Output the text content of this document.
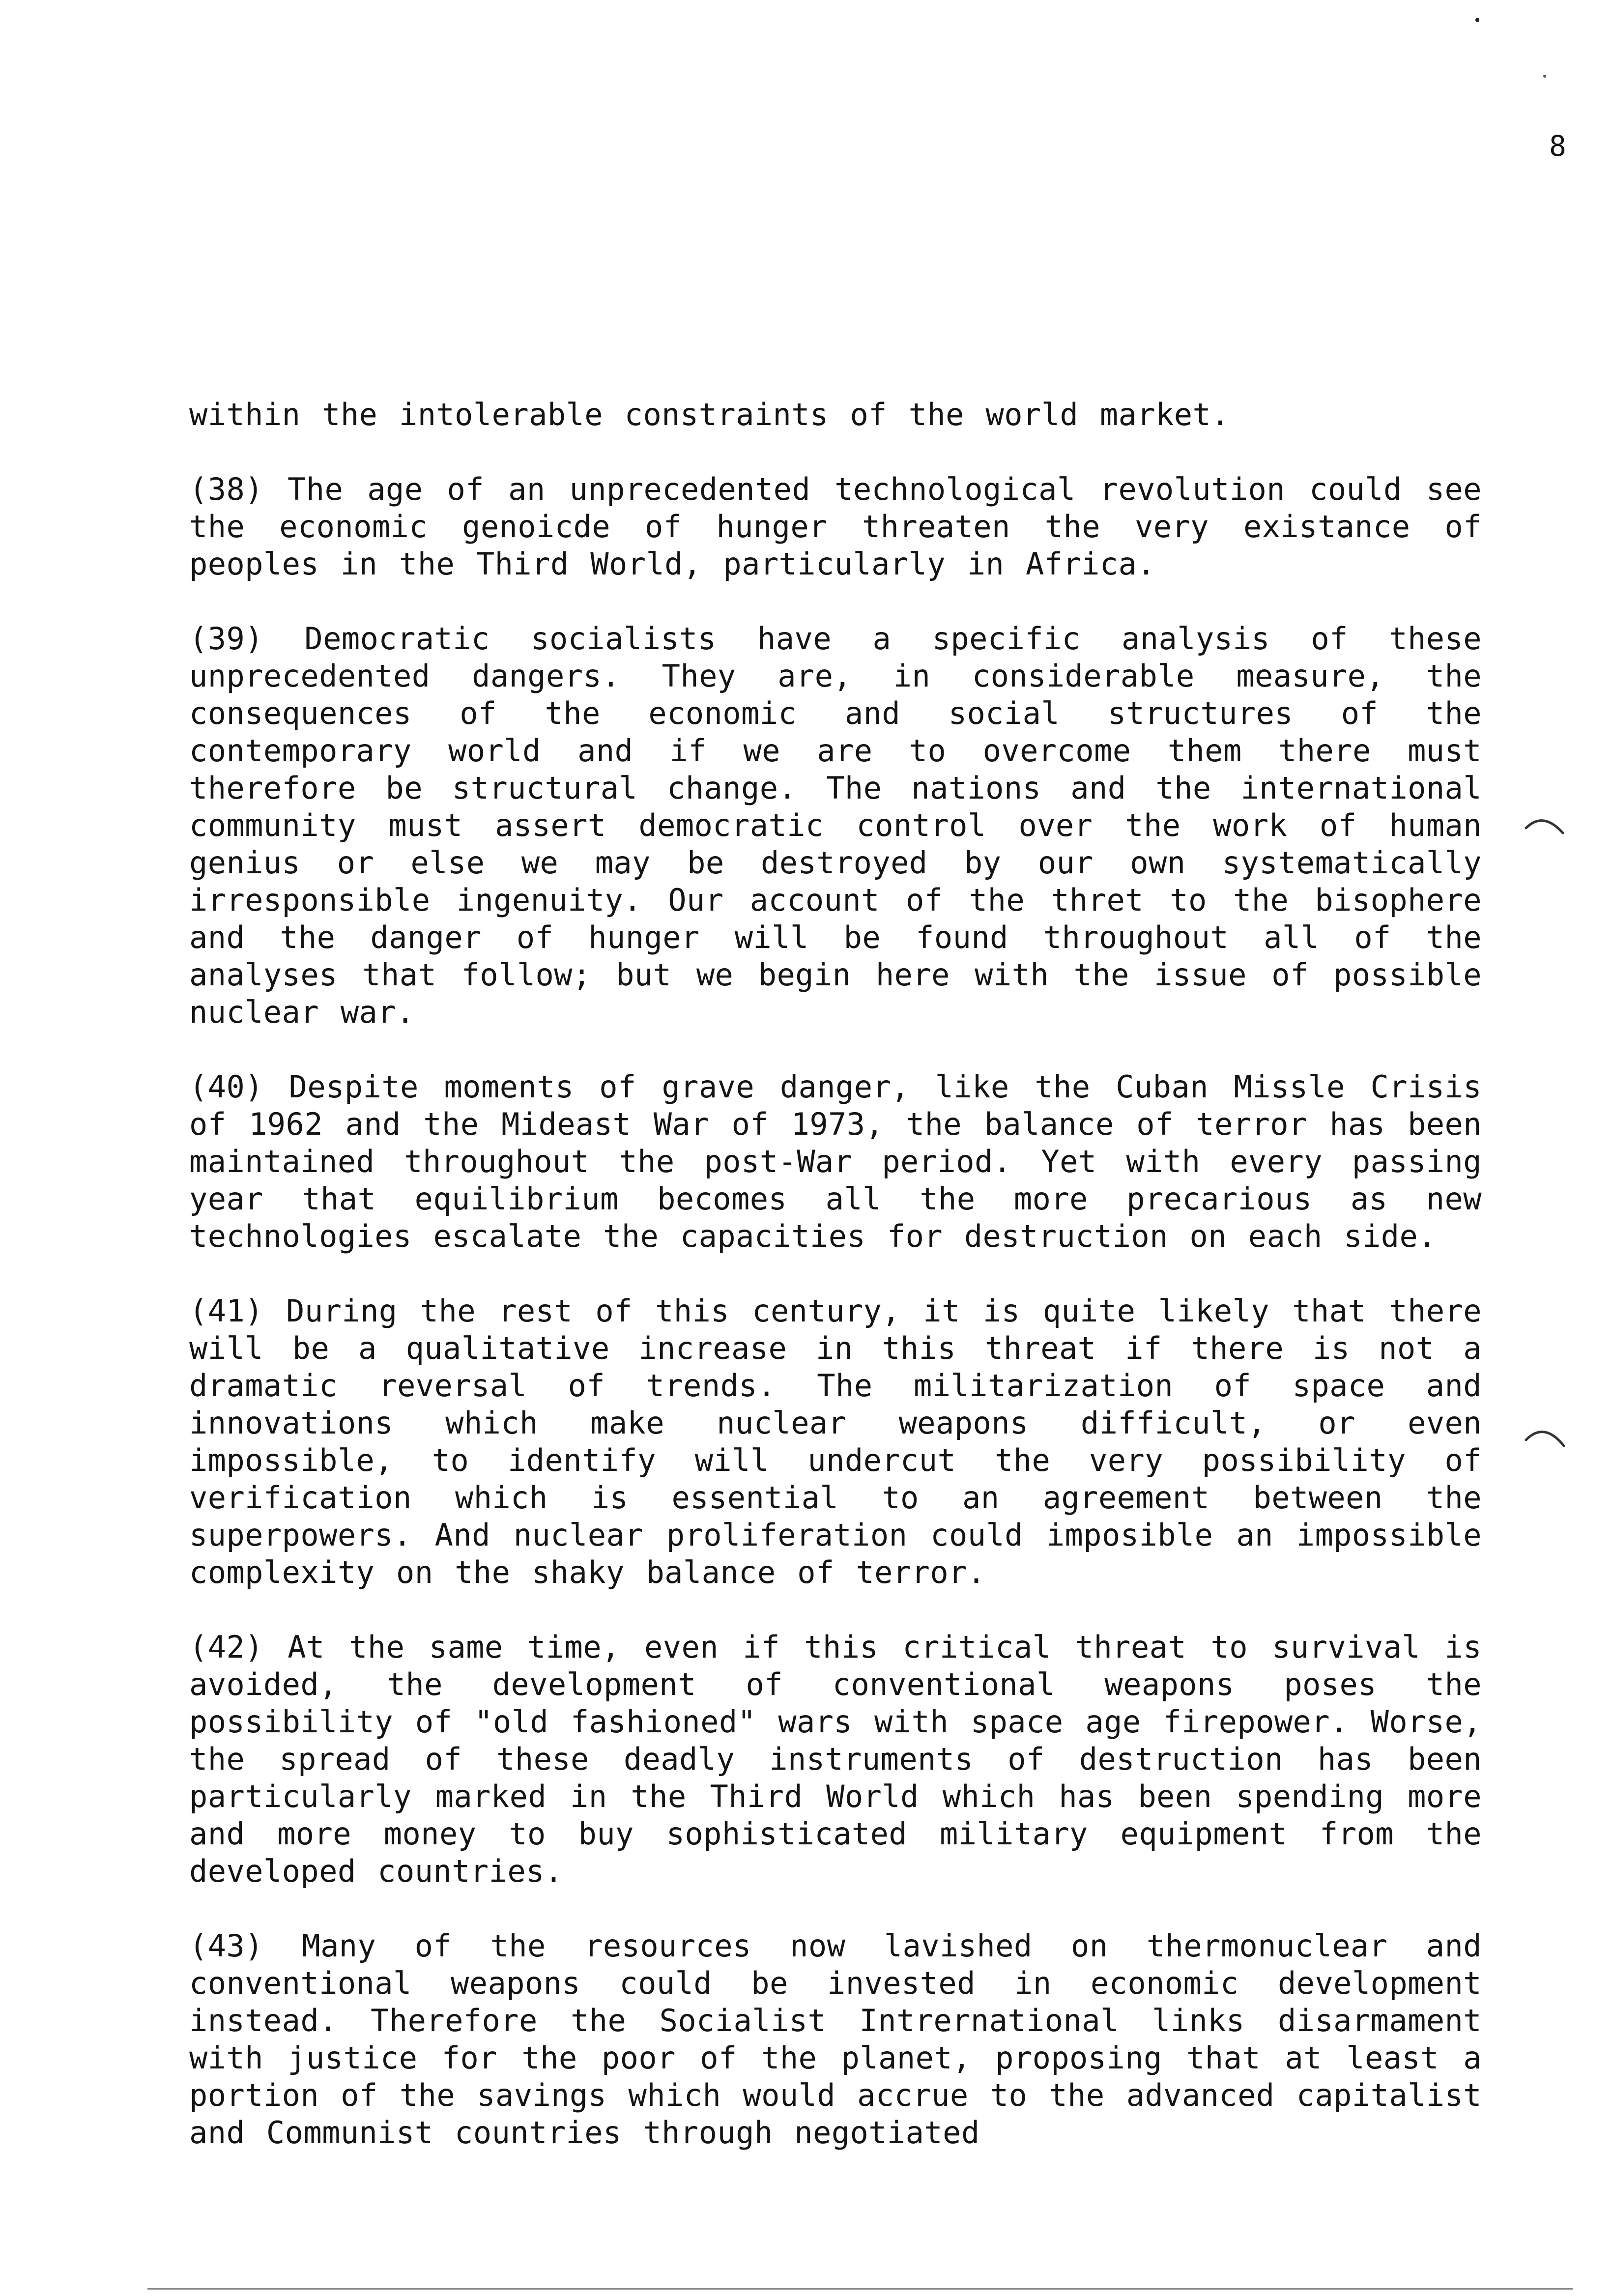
8

within the intolerable constraints of the world market.

(38) The age of an unprecedented technological revolution could see the economic genoicde of hunger threaten the very existance of peoples in the Third World, particularly in Africa.

(39) Democratic socialists have a specific analysis of these unprecedented dangers. They are, in considerable measure, the consequences of the economic and social structures of the contemporary world and if we are to overcome them there must therefore be structural change. The nations and the international community must assert democratic control over the work of human genius or else we may be destroyed by our own systematically irresponsible ingenuity. Our account of the thret to the bisophere and the danger of hunger will be found throughout all of the analyses that follow; but we begin here with the issue of possible nuclear war.

(40) Despite moments of grave danger, like the Cuban Missle Crisis of 1962 and the Mideast War of 1973, the balance of terror has been maintained throughout the post-War period. Yet with every passing year that equilibrium becomes all the more precarious as new technologies escalate the capacities for destruction on each side.

(41) During the rest of this century, it is quite likely that there will be a qualitative increase in this threat if there is not a dramatic reversal of trends. The militarization of space and innovations which make nuclear weapons difficult, or even impossible, to identify will undercut the very possibility of verification which is essential to an agreement between the superpowers. And nuclear proliferation could imposible an impossible complexity on the shaky balance of terror.

(42) At the same time, even if this critical threat to survival is avoided, the development of conventional weapons poses the possibility of "old fashioned" wars with space age firepower. Worse, the spread of these deadly instruments of destruction has been particularly marked in the Third World which has been spending more and more money to buy sophisticated military equipment from the developed countries.

(43) Many of the resources now lavished on thermonuclear and conventional weapons could be invested in economic development instead. Therefore the Socialist Intrernational links disarmament with justice for the poor of the planet, proposing that at least a portion of the savings which would accrue to the advanced capitalist and Communist countries through negotiated
